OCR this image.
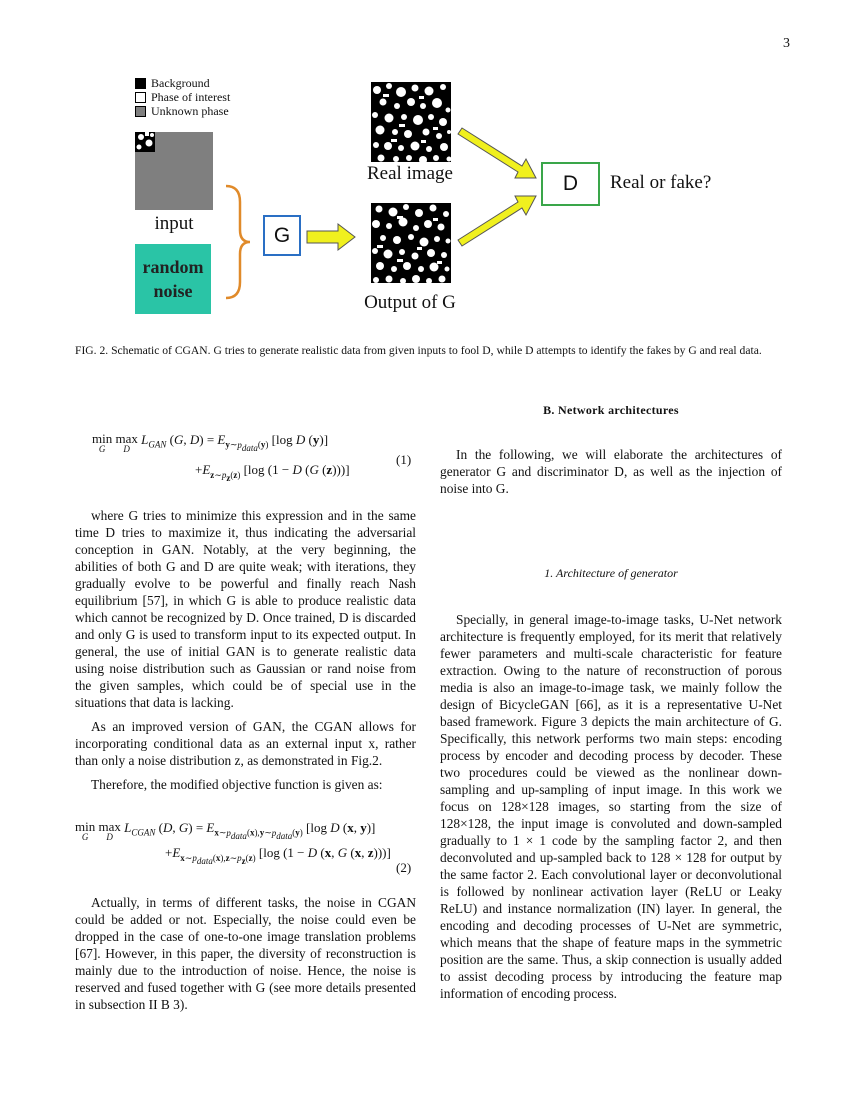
3
Background
Phase of interest
Unknown phase
input
random
noise
G
Real image
Output of G
D	Real or fake?
FIG. 2. Schematic of CGAN. G tries to generate realistic data from given inputs to fool D, while D attempts to identify the fakes by G and real data.
min
G
max
D
$L_{GAN}$ (G, $D) = E_{y\sim p_{data}(y)}$ [log D (y)]
$+E_{z\sim p_z(z)}$ [log (1 − D (G (z)))]
(1)

where G tries to minimize this expression and in the same time D tries to maximize it, thus indicating the adversarial conception in GAN. Notably, at the very beginning, the abilities of both G and D are quite weak; with iterations, they gradually evolve to be powerful and finally reach Nash equilibrium [57], in which G is able to produce realistic data which cannot be recognized by D. Once trained, D is discarded and only G is used to transform input to its expected output. In general, the use of initial GAN is to generate realistic data using noise distribution such as Gaussian or rand noise from the given samples, which could be of special use in the situations that data is lacking.

As an improved version of GAN, the CGAN allows for incorporating conditional data as an external input x, rather than only a noise distribution z, as demonstrated in Fig.2.

Therefore, the modified objective function is given as:

min
G
max
D
$L_{CGAN}$ (D, $G) = E_{x\sim p_{data}(x),y\sim p_{data}(y)}$ [log D (x, y)]
$+E_{x\sim p_{data}(x),z\sim p_z(z)}$ [log (1 − D (x, G (x, z)))]
(2)

Actually, in terms of different tasks, the noise in CGAN could be added or not. Especially, the noise could even be dropped in the case of one-to-one image translation problems [67]. However, in this paper, the diversity of reconstruction is mainly due to the introduction of noise. Hence, the noise is reserved and fused together with G (see more details presented in subsection II B 3).

B. Network architectures

In the following, we will elaborate the architectures of generator G and discriminator D, as well as the injection of noise into G.

1. Architecture of generator

Specially, in general image-to-image tasks, U-Net network architecture is frequently employed, for its merit that relatively fewer parameters and multi-scale characteristic for feature extraction. Owing to the nature of reconstruction of porous media is also an image-to-image task, we mainly follow the design of BicycleGAN [66], as it is a representative U-Net based framework. Figure 3 depicts the main architecture of G. Specifically, this network performs two main steps: encoding process by encoder and decoding process by decoder. These two procedures could be viewed as the nonlinear down-sampling and up-sampling of input image. In this work we focus on 128×128 images, so starting from the size of 128×128, the input image is convoluted and down-sampled gradually to 1 × 1 code by the sampling factor 2, and then deconvoluted and up-sampled back to 128 × 128 for output by the same factor 2. Each convolutional layer or deconvolutional is followed by nonlinear activation layer (ReLU or Leaky ReLU) and instance normalization (IN) layer. In general, the encoding and decoding processes of U-Net are symmetric, which means that the shape of feature maps in the symmetric position are the same. Thus, a skip connection is usually added to assist decoding process by introducing the feature map information of encoding process.
